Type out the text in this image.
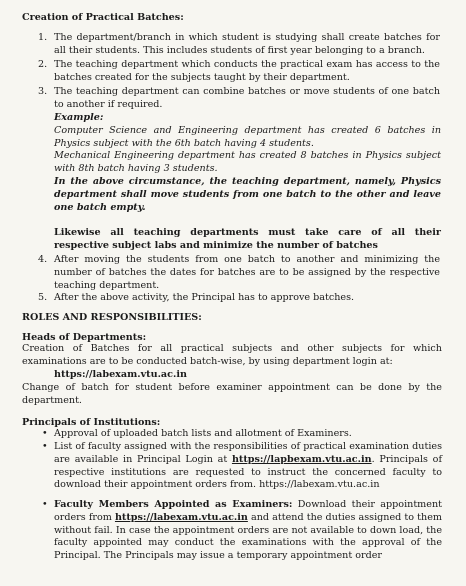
Creation of Practical Batches:
1. The department/branch in which student is studying shall create batches for all their students. This includes students of first year belonging to a branch.
2. The teaching department which conducts the practical exam has access to the batches created for the subjects taught by their department.
3. The teaching department can combine batches or move students of one batch to another if required.
Example:
Computer Science and Engineering department has created 6 batches in Physics subject with the 6th batch having 4 students.
Mechanical Engineering department has created 8 batches in Physics subject with 8th batch having 3 students.
In the above circumstance, the teaching department, namely, Physics department shall move students from one batch to the other and leave one batch empty.
Likewise all teaching departments must take care of all their respective subject labs and minimize the number of batches
4. After moving the students from one batch to another and minimizing the number of batches the dates for batches are to be assigned by the respective teaching department.
5. After the above activity, the Principal has to approve batches.
ROLES AND RESPONSIBILITIES:
Heads of Departments:
Creation of Batches for all practical subjects and other subjects for which examinations are to be conducted batch-wise, by using department login at:
https://labexam.vtu.ac.in
Change of batch for student before examiner appointment can be done by the department.
Principals of Institutions:
• Approval of uploaded batch lists and allotment of Examiners.
• List of faculty assigned with the responsibilities of practical examination duties are available in Principal Login at https://lapbexam.vtu.ac.in. Principals of respective institutions are requested to instruct the concerned faculty to download their appointment orders from. https://labexam.vtu.ac.in
• Faculty Members Appointed as Examiners: Download their appointment orders from https://labexam.vtu.ac.in and attend the duties assigned to them without fail. In case the appointment orders are not available to down load, the faculty appointed may conduct the examinations with the approval of the Principal. The Principals may issue a temporary appointment order
